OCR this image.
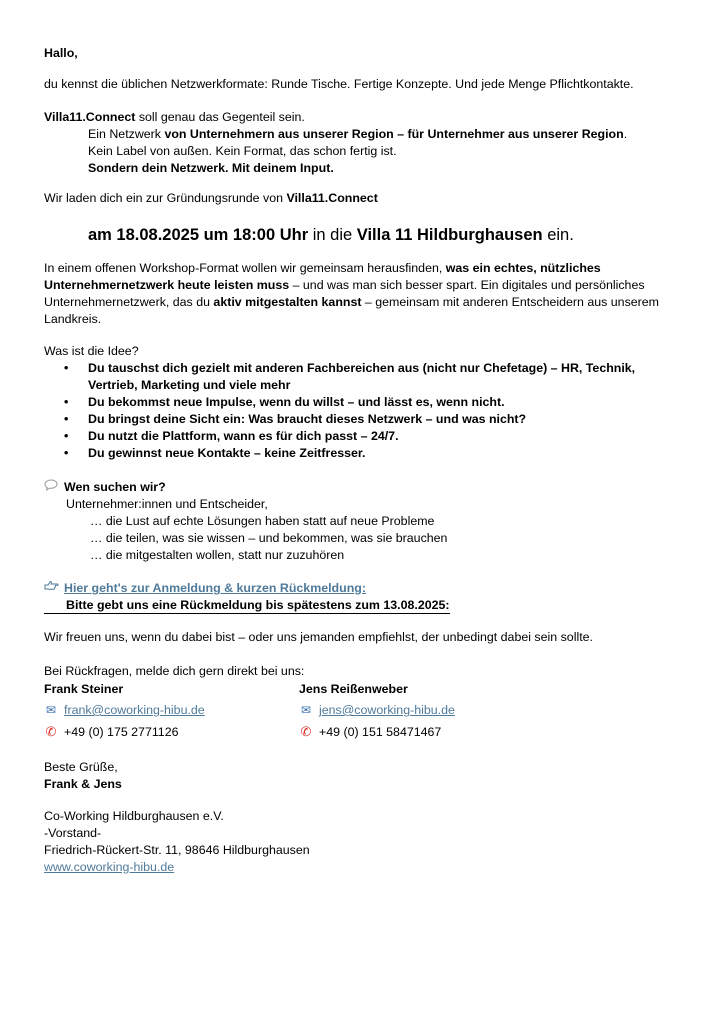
Hallo,

du kennst die üblichen Netzwerkformate: Runde Tische. Fertige Konzepte. Und jede Menge Pflichtkontakte.

Villa11.Connect soll genau das Gegenteil sein.

Ein Netzwerk von Unternehmern aus unserer Region – für Unternehmer aus unserer Region.

Kein Label von außen. Kein Format, das schon fertig ist.

Sondern dein Netzwerk. Mit deinem Input.

Wir laden dich ein zur Gründungsrunde von Villa11.Connect

am 18.08.2025 um 18:00 Uhr in die Villa 11 Hildburghausen ein.

In einem offenen Workshop-Format wollen wir gemeinsam herausfinden, was ein echtes, nützliches Unternehmernetzwerk heute leisten muss – und was man sich besser spart. Ein digitales und persönliches Unternehmernetzwerk, das du aktiv mitgestalten kannst – gemeinsam mit anderen Entscheidern aus unserem Landkreis.

Was ist die Idee?

• Du tauschst dich gezielt mit anderen Fachbereichen aus (nicht nur Chefetage) – HR, Technik, Vertrieb, Marketing und viele mehr
• Du bekommst neue Impulse, wenn du willst – und lässt es, wenn nicht.
• Du bringst deine Sicht ein: Was braucht dieses Netzwerk – und was nicht?
• Du nutzt die Plattform, wann es für dich passt – 24/7.
• Du gewinnst neue Kontakte – keine Zeitfresser.

Wen suchen wir?

Unternehmer:innen und Entscheider,

… die Lust auf echte Lösungen haben statt auf neue Probleme

… die teilen, was sie wissen – und bekommen, was sie brauchen

… die mitgestalten wollen, statt nur zuzuhören

Hier geht's zur Anmeldung & kurzen Rückmeldung:

Bitte gebt uns eine Rückmeldung bis spätestens zum 13.08.2025:

Wir freuen uns, wenn du dabei bist – oder uns jemanden empfiehlst, der unbedingt dabei sein sollte.

Bei Rückfragen, melde dich gern direkt bei uns:

Frank Steiner

✉ frank@coworking-hibu.de

✆ +49 (0) 175 2771126

Jens Reißenweber

✉ jens@coworking-hibu.de

✆ +49 (0) 151 58471467

Beste Grüße,

Frank & Jens

Co-Working Hildburghausen e.V.

-Vorstand-

Friedrich-Rückert-Str. 11, 98646 Hildburghausen

www.coworking-hibu.de
